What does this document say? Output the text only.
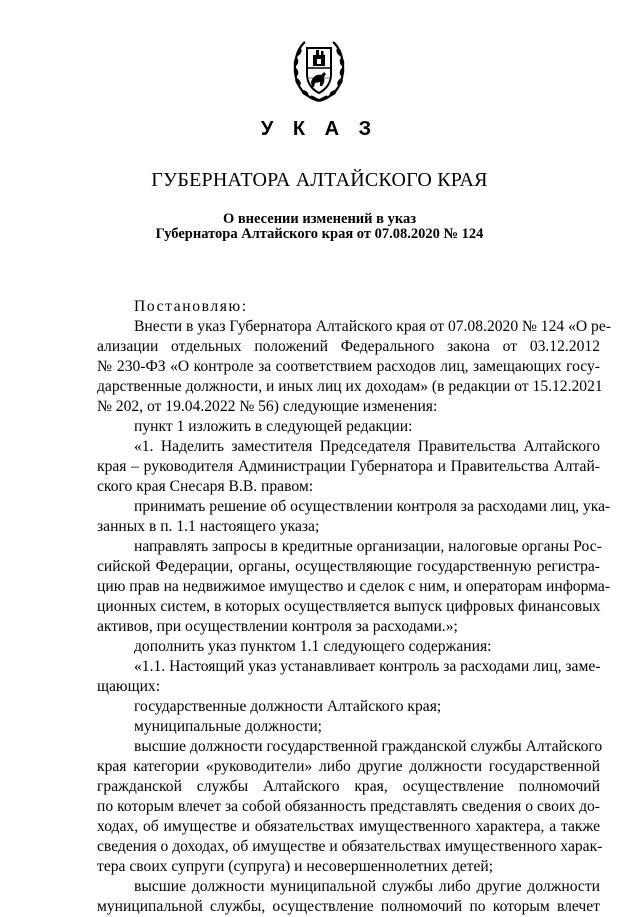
У К А З
ГУБЕРНАТОРА АЛТАЙСКОГО КРАЯ
О внесении изменений в указ
Губернатора Алтайского края от 07.08.2020 № 124
Постановляю:
Внести в указ Губернатора Алтайского края от 07.08.2020 № 124 «О ре-
ализации отдельных положений Федерального закона от 03.12.2012
№ 230-ФЗ «О контроле за соответствием расходов лиц, замещающих госу-
дарственные должности, и иных лиц их доходам» (в редакции от 15.12.2021
№ 202, от 19.04.2022 № 56) следующие изменения:
пункт 1 изложить в следующей редакции:
«1. Наделить заместителя Председателя Правительства Алтайского
края – руководителя Администрации Губернатора и Правительства Алтай-
ского края Снесаря В.В. правом:
принимать решение об осуществлении контроля за расходами лиц, ука-
занных в п. 1.1 настоящего указа;
направлять запросы в кредитные организации, налоговые органы Рос-
сийской Федерации, органы, осуществляющие государственную регистра-
цию прав на недвижимое имущество и сделок с ним, и операторам информа-
ционных систем, в которых осуществляется выпуск цифровых финансовых
активов, при осуществлении контроля за расходами.»;
дополнить указ пунктом 1.1 следующего содержания:
«1.1. Настоящий указ устанавливает контроль за расходами лиц, заме-
щающих:
государственные должности Алтайского края;
муниципальные должности;
высшие должности государственной гражданской службы Алтайского
края категории «руководители» либо другие должности государственной
гражданской службы Алтайского края, осуществление полномочий
по которым влечет за собой обязанность представлять сведения о своих до-
ходах, об имуществе и обязательствах имущественного характера, а также
сведения о доходах, об имуществе и обязательствах имущественного харак-
тера своих супруги (супруга) и несовершеннолетних детей;
высшие должности муниципальной службы либо другие должности
муниципальной службы, осуществление полномочий по которым влечет
